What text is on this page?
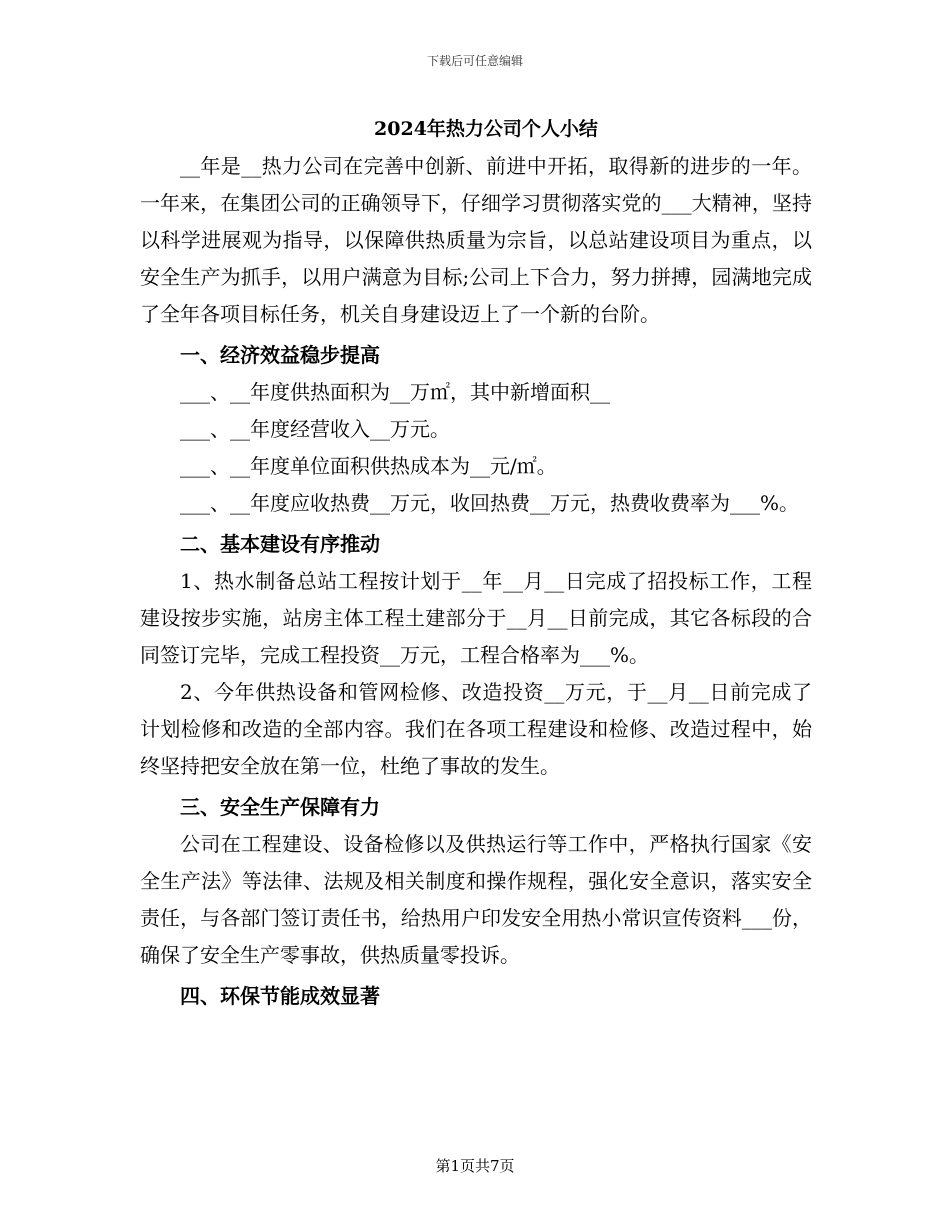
下载后可任意编辑
2024年热力公司个人小结

__年是__热力公司在完善中创新、前进中开拓，取得新的进步的一年。一年来，在集团公司的正确领导下，仔细学习贯彻落实党的___大精神，坚持以科学进展观为指导，以保障供热质量为宗旨，以总站建设项目为重点，以安全生产为抓手，以用户满意为目标;公司上下合力，努力拼搏，园满地完成了全年各项目标任务，机关自身建设迈上了一个新的台阶。

一、经济效益稳步提高

___、__年度供热面积为__万㎡，其中新增面积__

___、__年度经营收入__万元。

___、__年度单位面积供热成本为__元/㎡。

___、__年度应收热费__万元，收回热费__万元，热费收费率为___%。

二、基本建设有序推动

1、热水制备总站工程按计划于__年__月__日完成了招投标工作，工程建设按步实施，站房主体工程土建部分于__月__日前完成，其它各标段的合同签订完毕，完成工程投资__万元，工程合格率为___%。

2、今年供热设备和管网检修、改造投资__万元，于__月__日前完成了计划检修和改造的全部内容。我们在各项工程建设和检修、改造过程中，始终坚持把安全放在第一位，杜绝了事故的发生。

三、安全生产保障有力

公司在工程建设、设备检修以及供热运行等工作中，严格执行国家《安全生产法》等法律、法规及相关制度和操作规程，强化安全意识，落实安全责任，与各部门签订责任书，给热用户印发安全用热小常识宣传资料___份，确保了安全生产零事故，供热质量零投诉。

四、环保节能成效显著
第1页共7页
